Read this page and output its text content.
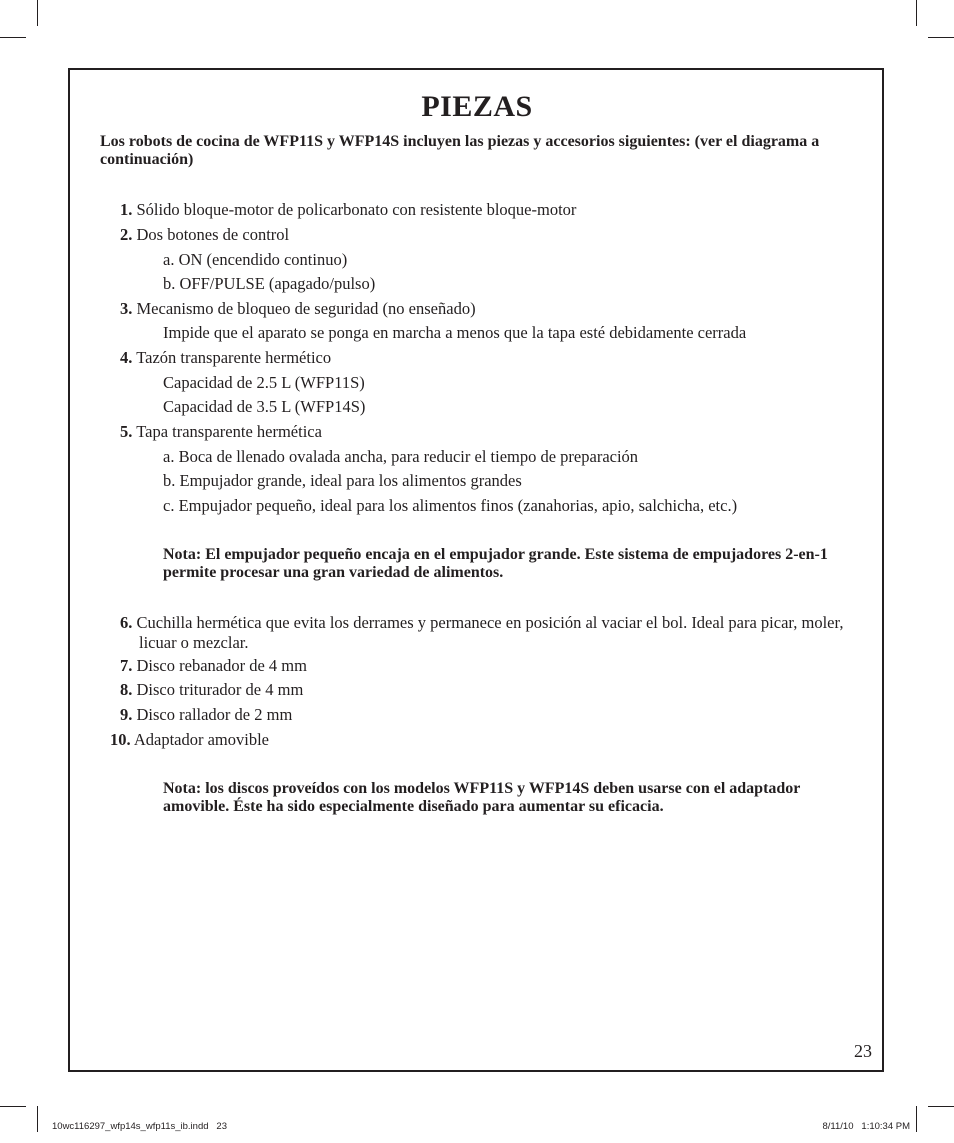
PIEZAS

Los robots de cocina de WFP11S y WFP14S incluyen las piezas y accesorios siguientes: (ver el diagrama a continuación)

1. Sólido bloque-motor de policarbonato con resistente bloque-motor

2. Dos botones de control

a. ON (encendido continuo)

b. OFF/PULSE (apagado/pulso)

3. Mecanismo de bloqueo de seguridad (no enseñado)

Impide que el aparato se ponga en marcha a menos que la tapa esté debidamente cerrada

4. Tazón transparente hermético

Capacidad de 2.5 L (WFP11S)

Capacidad de 3.5 L (WFP14S)

5. Tapa transparente hermética

a. Boca de llenado ovalada ancha, para reducir el tiempo de preparación

b. Empujador grande, ideal para los alimentos grandes

c. Empujador pequeño, ideal para los alimentos finos (zanahorias, apio, salchicha, etc.)

Nota: El empujador pequeño encaja en el empujador grande. Este sistema de empujadores 2-en-1 permite procesar una gran variedad de alimentos.

6. Cuchilla hermética que evita los derrames y permanece en posición al vaciar el bol. Ideal para picar, moler, licuar o mezclar.

7. Disco rebanador de 4 mm

8. Disco triturador de 4 mm

9. Disco rallador de 2 mm

10. Adaptador amovible

Nota: los discos proveídos con los modelos WFP11S y WFP14S deben usarse con el adaptador amovible. Éste ha sido especialmente diseñado para aumentar su eficacia.

23
10wc116297_wfp14s_wfp11s_ib.indd   23	8/11/10   1:10:34 PM
